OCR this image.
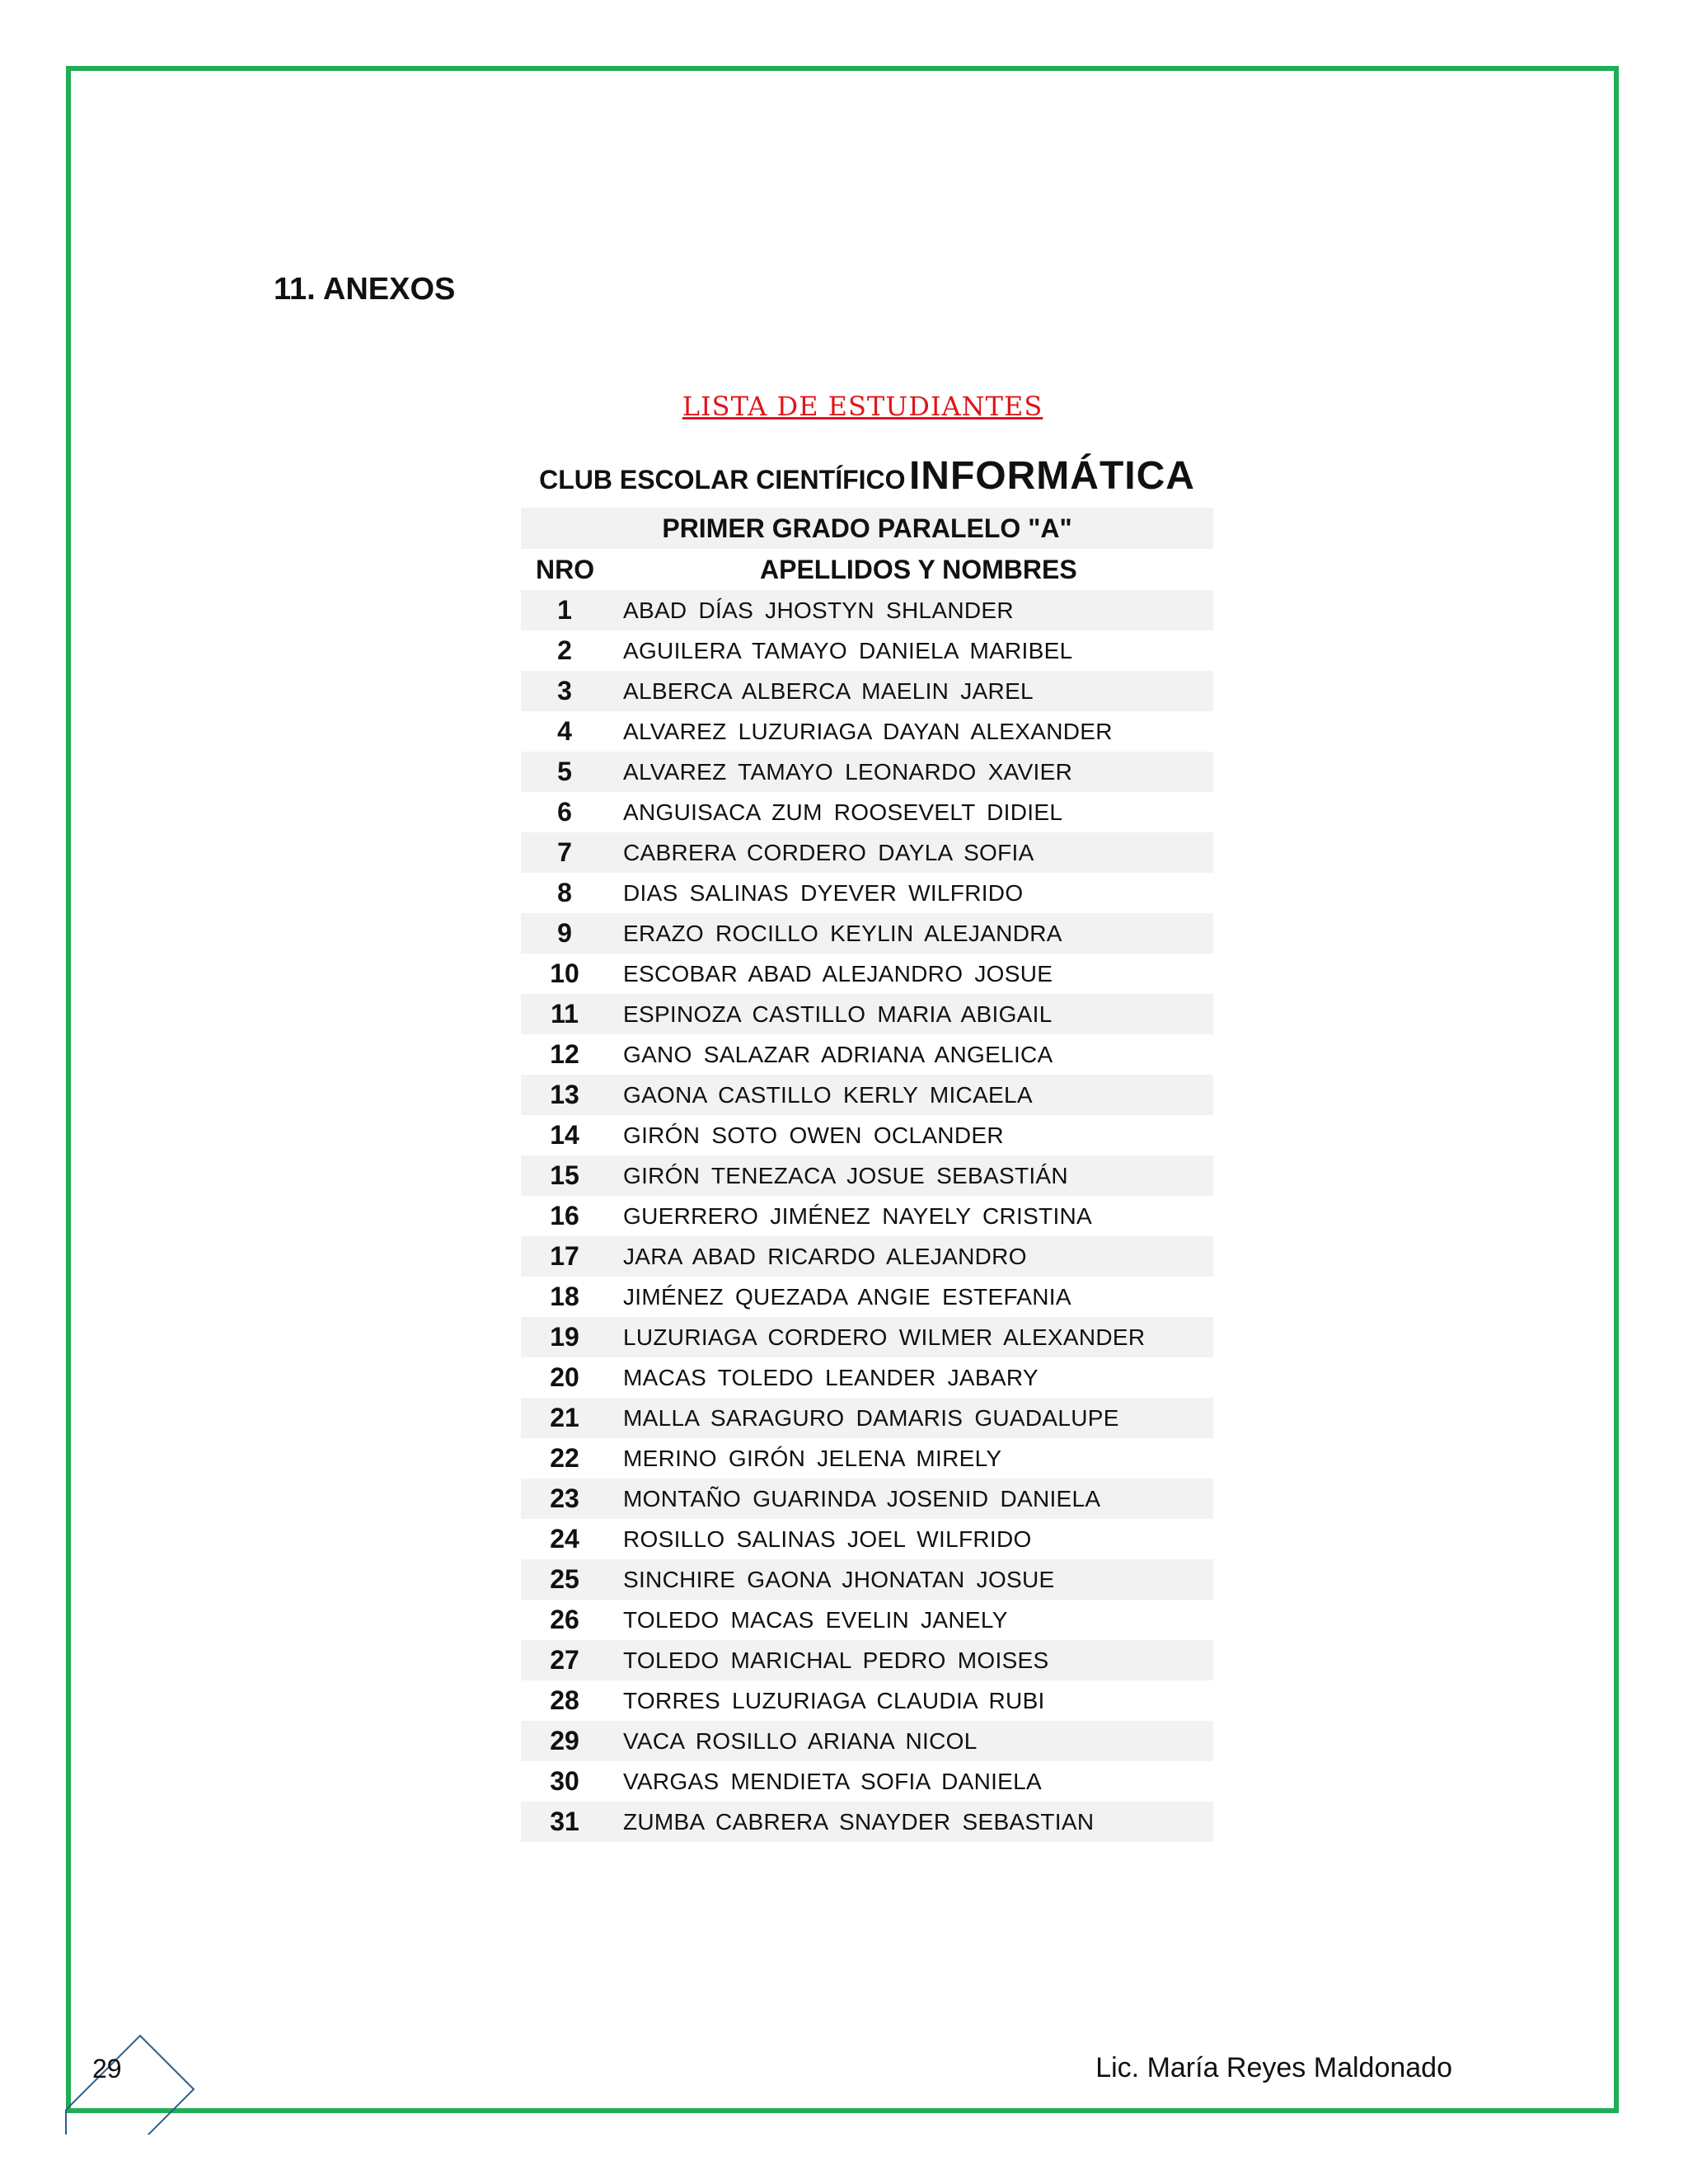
11. ANEXOS
LISTA DE ESTUDIANTES
CLUB ESCOLAR CIENTÍFICO INFORMÁTICA
PRIMER GRADO PARALELO "A"
NRO	APELLIDOS Y NOMBRES
1	ABAD DÍAS JHOSTYN SHLANDER
2	AGUILERA TAMAYO DANIELA MARIBEL
3	ALBERCA ALBERCA MAELIN JAREL
4	ALVAREZ LUZURIAGA DAYAN ALEXANDER
5	ALVAREZ TAMAYO LEONARDO XAVIER
6	ANGUISACA ZUM ROOSEVELT DIDIEL
7	CABRERA CORDERO DAYLA SOFIA
8	DIAS SALINAS DYEVER WILFRIDO
9	ERAZO ROCILLO KEYLIN ALEJANDRA
10	ESCOBAR ABAD ALEJANDRO JOSUE
11	ESPINOZA CASTILLO MARIA ABIGAIL
12	GANO SALAZAR ADRIANA ANGELICA
13	GAONA CASTILLO KERLY MICAELA
14	GIRÓN SOTO OWEN OCLANDER
15	GIRÓN TENEZACA JOSUE SEBASTIÁN
16	GUERRERO JIMÉNEZ NAYELY CRISTINA
17	JARA ABAD RICARDO ALEJANDRO
18	JIMÉNEZ QUEZADA ANGIE ESTEFANIA
19	LUZURIAGA CORDERO WILMER ALEXANDER
20	MACAS TOLEDO LEANDER JABARY
21	MALLA SARAGURO DAMARIS GUADALUPE
22	MERINO GIRÓN JELENA MIRELY
23	MONTAÑO GUARINDA JOSENID DANIELA
24	ROSILLO SALINAS JOEL WILFRIDO
25	SINCHIRE GAONA JHONATAN JOSUE
26	TOLEDO MACAS EVELIN JANELY
27	TOLEDO MARICHAL PEDRO MOISES
28	TORRES LUZURIAGA CLAUDIA RUBI
29	VACA ROSILLO ARIANA NICOL
30	VARGAS MENDIETA SOFIA DANIELA
31	ZUMBA CABRERA SNAYDER SEBASTIAN
29	Lic. María Reyes Maldonado
